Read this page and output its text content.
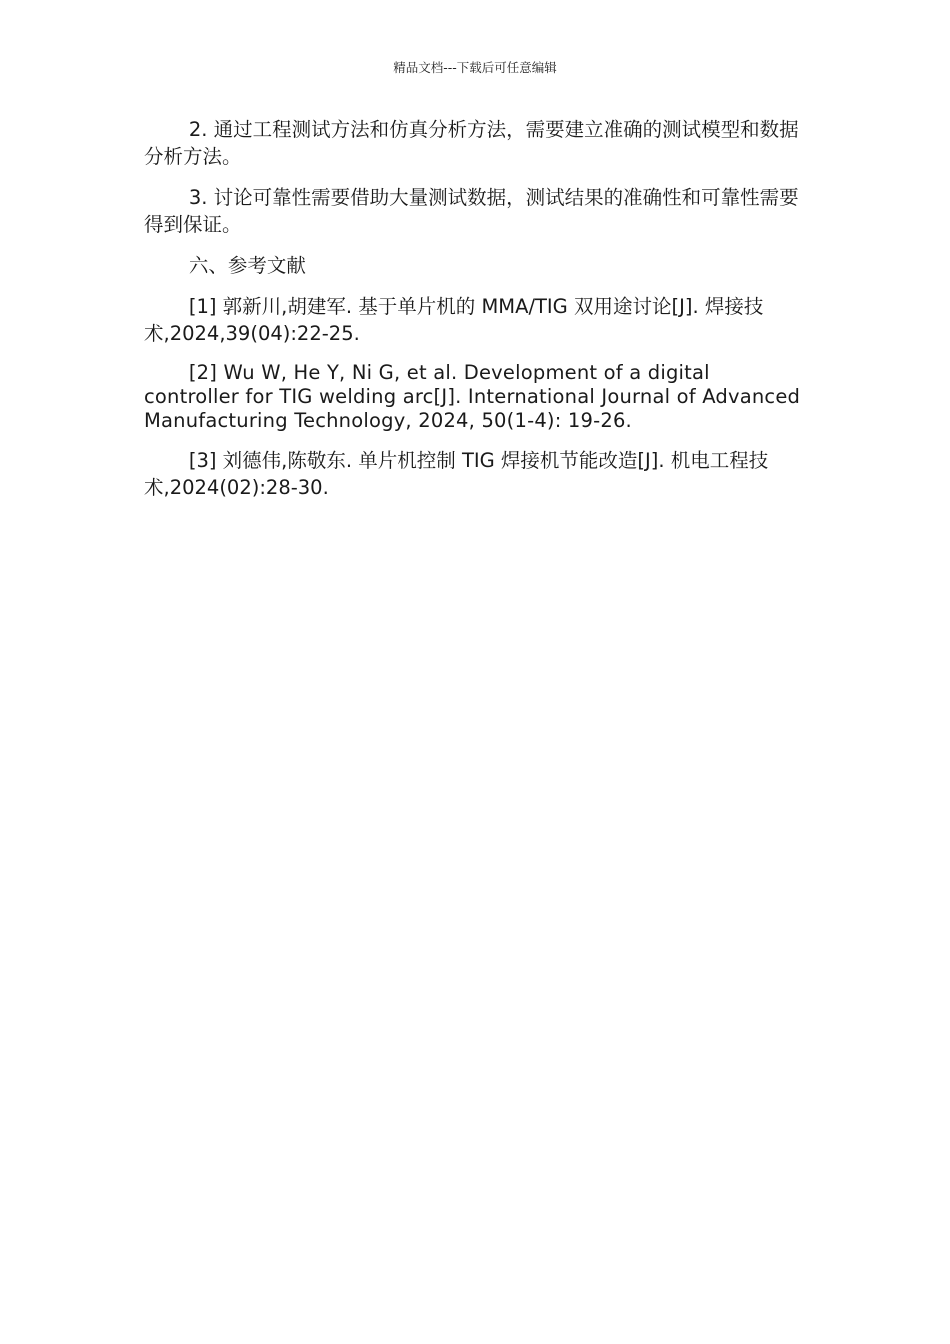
精品文档---下载后可任意编辑

2. 通过工程测试方法和仿真分析方法，需要建立准确的测试模型和数据分析方法。

3. 讨论可靠性需要借助大量测试数据，测试结果的准确性和可靠性需要得到保证。

六、参考文献

[1] 郭新川,胡建军. 基于单片机的 MMA/TIG 双用途讨论[J]. 焊接技术,2024,39(04):22-25.

[2] Wu W, He Y, Ni G, et al. Development of a digital controller for TIG welding arc[J]. International Journal of Advanced Manufacturing Technology, 2024, 50(1-4): 19-26.

[3] 刘德伟,陈敬东. 单片机控制 TIG 焊接机节能改造[J]. 机电工程技术,2024(02):28-30.
